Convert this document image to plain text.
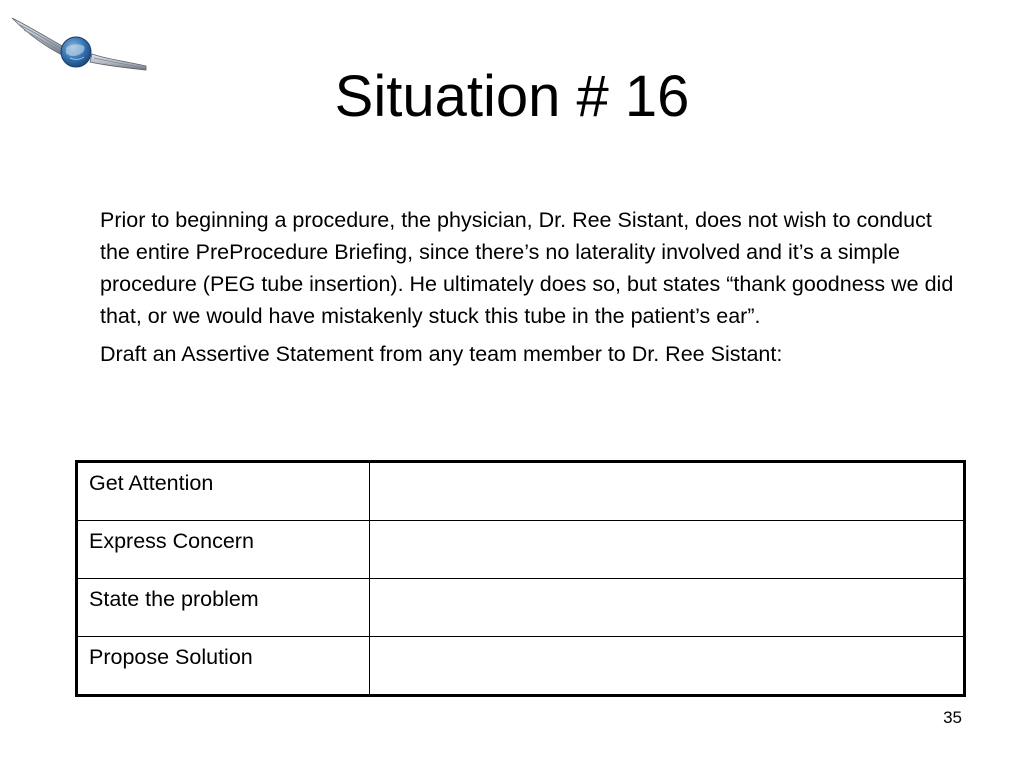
Situation # 16

Prior to beginning a procedure, the physician, Dr. Ree Sistant, does not wish to conduct the entire PreProcedure Briefing, since there’s no laterality involved and it’s a simple procedure (PEG tube insertion). He ultimately does so, but states “thank goodness we did that, or we would have mistakenly stuck this tube in the patient’s ear”.

Draft an Assertive Statement from any team member to Dr. Ree Sistant:

Get Attention	
Express Concern	
State the problem	
Propose Solution	
35
